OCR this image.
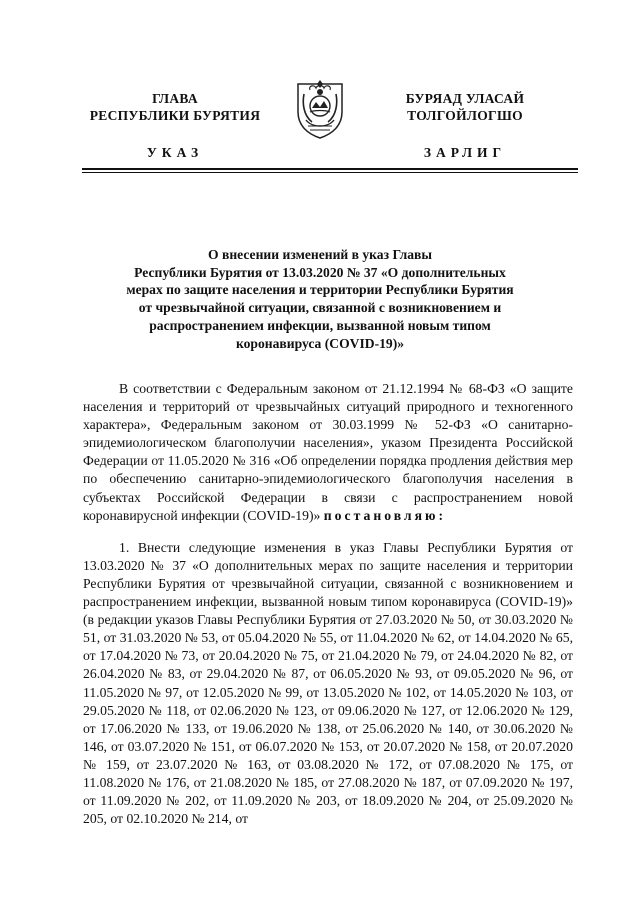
ГЛАВА
РЕСПУБЛИКИ БУРЯТИЯ
УКАЗ
БУРЯАД УЛАСАЙ
ТОЛГОЙЛОГШО
ЗАРЛИГ
О внесении изменений в указ Главы
Республики Бурятия от 13.03.2020 № 37 «О дополнительных
мерах по защите населения и территории Республики Бурятия
от чрезвычайной ситуации, связанной с возникновением и
распространением инфекции, вызванной новым типом
коронавируса (COVID-19)»

В соответствии с Федеральным законом от 21.12.1994 № 68-ФЗ «О защите населения и территорий от чрезвычайных ситуаций природного и техногенного характера», Федеральным законом от 30.03.1999 № 52-ФЗ «О санитарно-эпидемиологическом благополучии населения», указом Президента Российской Федерации от 11.05.2020 № 316 «Об определении порядка продления действия мер по обеспечению санитарно-эпидемиологического благополучия населения в субъектах Российской Федерации в связи с распространением новой коронавирусной инфекции (COVID-19)» постановляю:

1. Внести следующие изменения в указ Главы Республики Бурятия от 13.03.2020 № 37 «О дополнительных мерах по защите населения и территории Республики Бурятия от чрезвычайной ситуации, связанной с возникновением и распространением инфекции, вызванной новым типом коронавируса (COVID-19)» (в редакции указов Главы Республики Бурятия от 27.03.2020 № 50, от 30.03.2020 № 51, от 31.03.2020 № 53, от 05.04.2020 № 55, от 11.04.2020 № 62, от 14.04.2020 № 65, от 17.04.2020 № 73, от 20.04.2020 № 75, от 21.04.2020 № 79, от 24.04.2020 № 82, от 26.04.2020 № 83, от 29.04.2020 № 87, от 06.05.2020 № 93, от 09.05.2020 № 96, от 11.05.2020 № 97, от 12.05.2020 № 99, от 13.05.2020 № 102, от 14.05.2020 № 103, от 29.05.2020 № 118, от 02.06.2020 № 123, от 09.06.2020 № 127, от 12.06.2020 № 129, от 17.06.2020 № 133, от 19.06.2020 № 138, от 25.06.2020 № 140, от 30.06.2020 № 146, от 03.07.2020 № 151, от 06.07.2020 № 153, от 20.07.2020 № 158, от 20.07.2020 № 159, от 23.07.2020 № 163, от 03.08.2020 № 172, от 07.08.2020 № 175, от 11.08.2020 № 176, от 21.08.2020 № 185, от 27.08.2020 № 187, от 07.09.2020 № 197, от 11.09.2020 № 202, от 11.09.2020 № 203, от 18.09.2020 № 204, от 25.09.2020 № 205, от 02.10.2020 № 214, от
